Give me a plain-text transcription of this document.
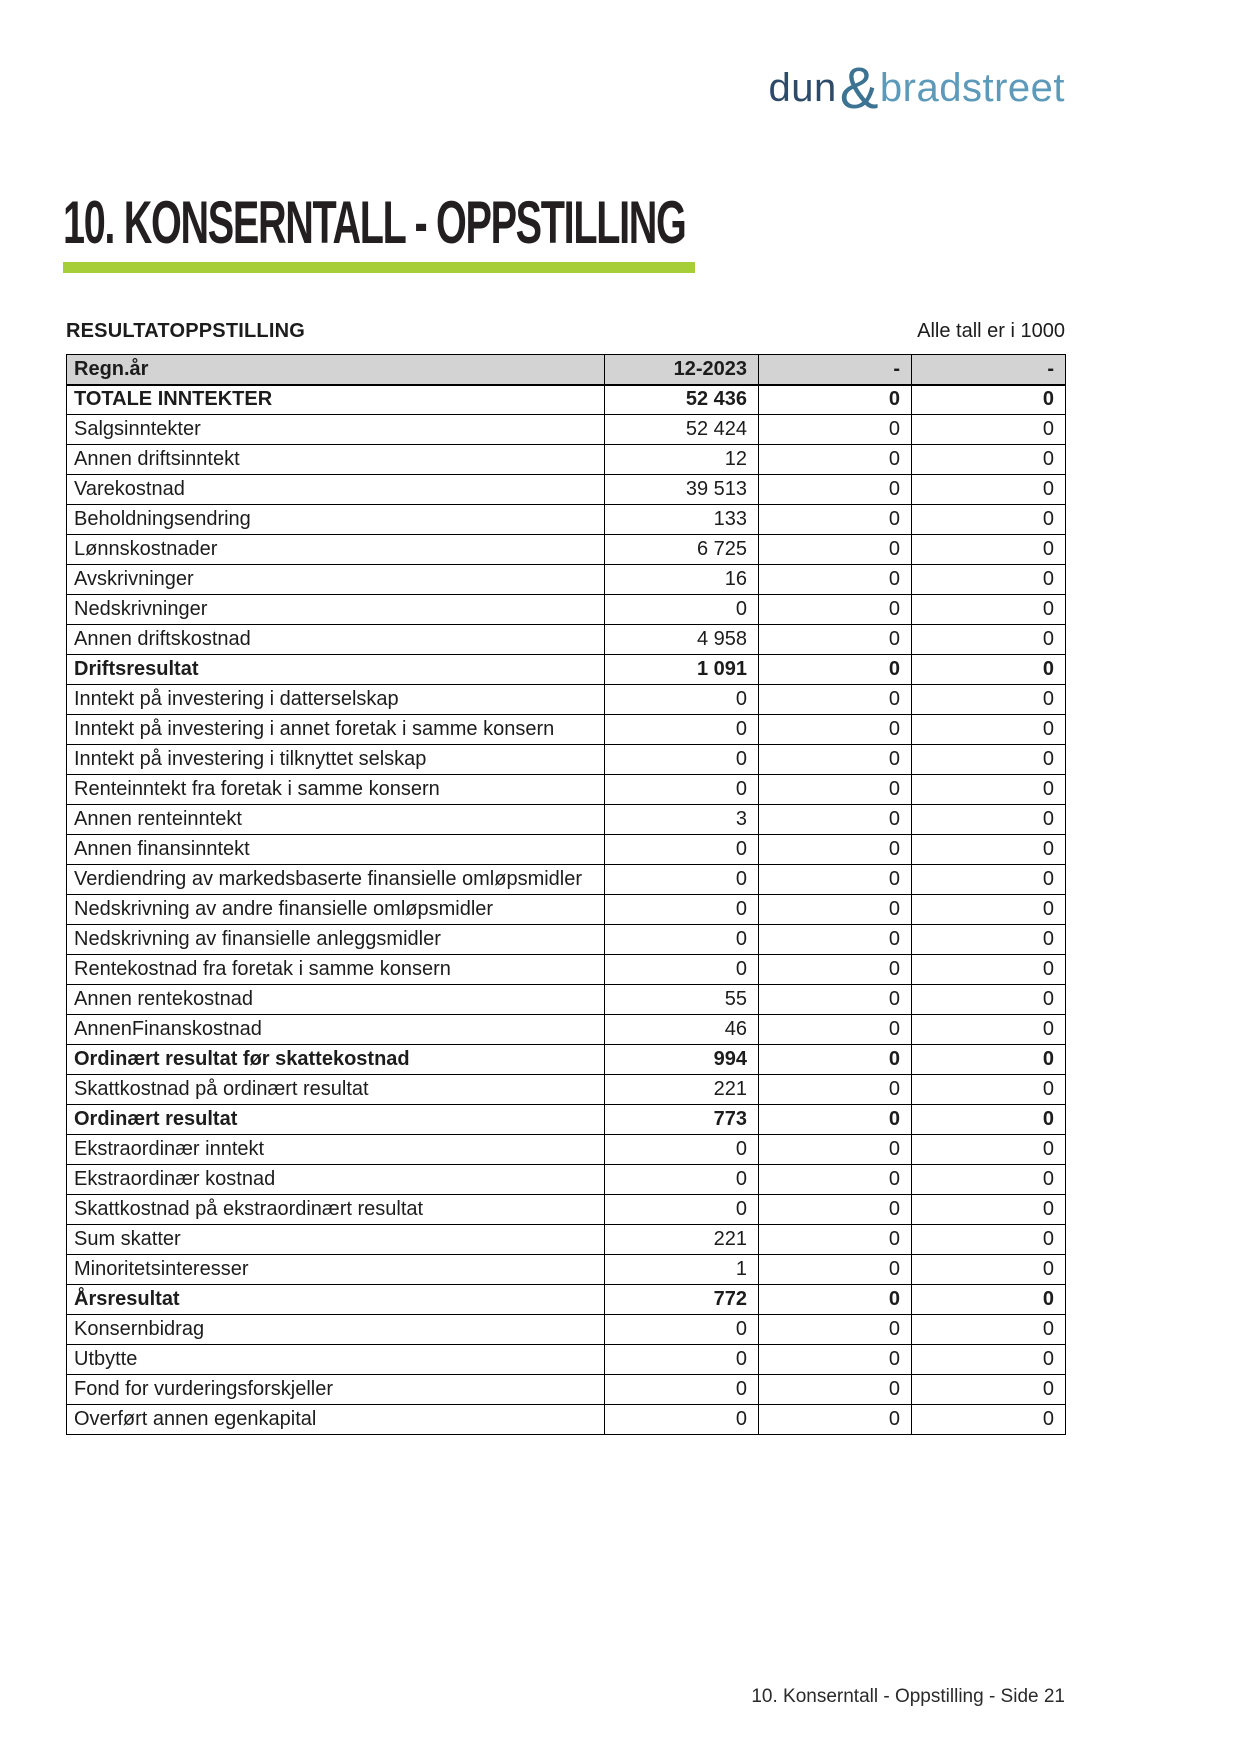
dun & bradstreet
10. KONSERNTALL - OPPSTILLING
RESULTATOPPSTILLING	Alle tall er i 1000
Regn.år	12-2023	-	-
TOTALE INNTEKTER	52 436	0	0
Salgsinntekter	52 424	0	0
Annen driftsinntekt	12	0	0
Varekostnad	39 513	0	0
Beholdningsendring	133	0	0
Lønnskostnader	6 725	0	0
Avskrivninger	16	0	0
Nedskrivninger	0	0	0
Annen driftskostnad	4 958	0	0
Driftsresultat	1 091	0	0
Inntekt på investering i datterselskap	0	0	0
Inntekt på investering i annet foretak i samme konsern	0	0	0
Inntekt på investering i tilknyttet selskap	0	0	0
Renteinntekt fra foretak i samme konsern	0	0	0
Annen renteinntekt	3	0	0
Annen finansinntekt	0	0	0
Verdiendring av markedsbaserte finansielle omløpsmidler	0	0	0
Nedskrivning av andre finansielle omløpsmidler	0	0	0
Nedskrivning av finansielle anleggsmidler	0	0	0
Rentekostnad fra foretak i samme konsern	0	0	0
Annen rentekostnad	55	0	0
AnnenFinanskostnad	46	0	0
Ordinært resultat før skattekostnad	994	0	0
Skattkostnad på ordinært resultat	221	0	0
Ordinært resultat	773	0	0
Ekstraordinær inntekt	0	0	0
Ekstraordinær kostnad	0	0	0
Skattkostnad på ekstraordinært resultat	0	0	0
Sum skatter	221	0	0
Minoritetsinteresser	1	0	0
Årsresultat	772	0	0
Konsernbidrag	0	0	0
Utbytte	0	0	0
Fond for vurderingsforskjeller	0	0	0
Overført annen egenkapital	0	0	0
10. Konserntall - Oppstilling - Side 21
